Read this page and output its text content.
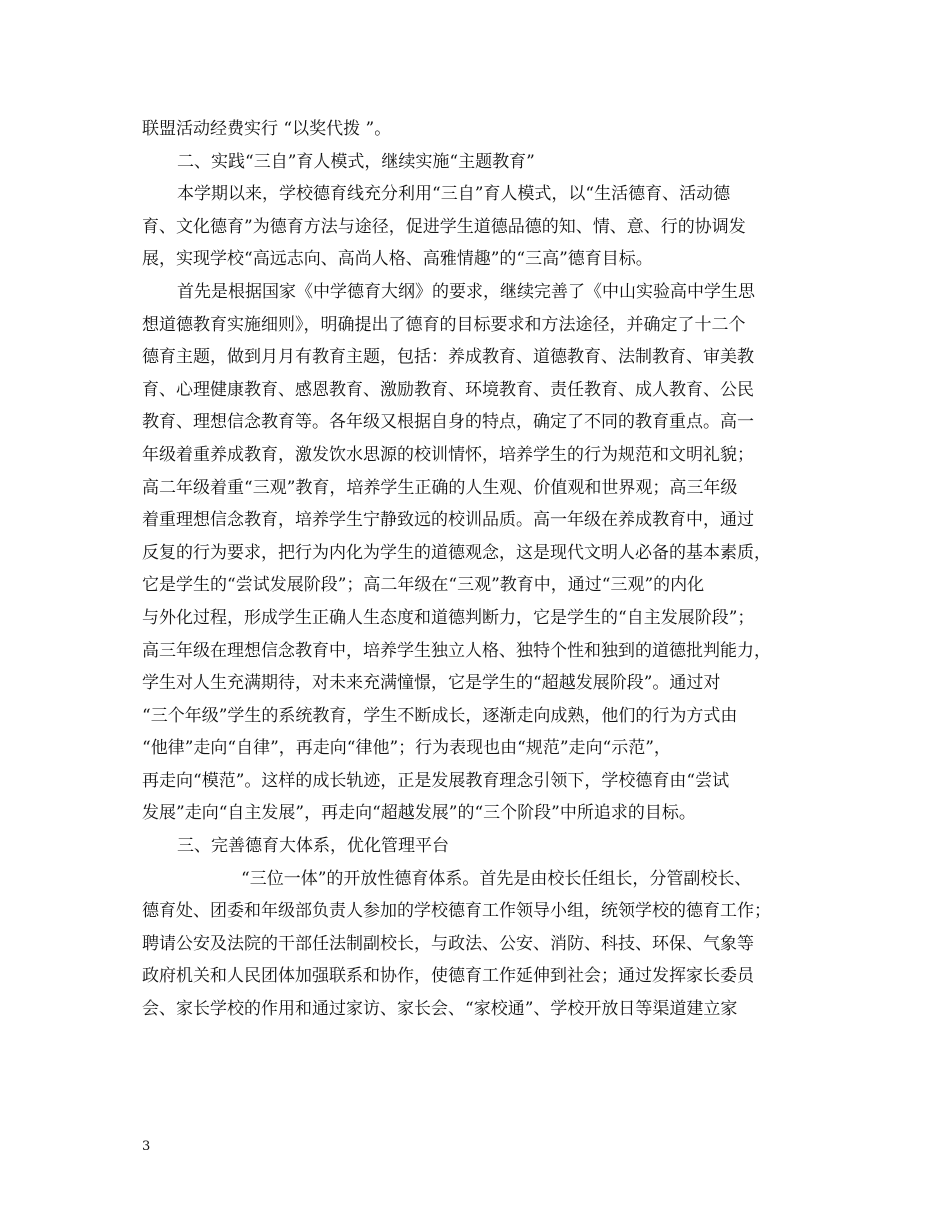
联盟活动经费实行 “以奖代拨 ”。
二、实践“三自”育人模式，继续实施“主题教育”
本学期以来，学校德育线充分利用“三自”育人模式，以“生活德育、活动德
育、文化德育”为德育方法与途径，促进学生道德品德的知、情、意、行的协调发
展，实现学校“高远志向、高尚人格、高雅情趣”的“三高”德育目标。
首先是根据国家《中学德育大纲》的要求，继续完善了《中山实验高中学生思
想道德教育实施细则》，明确提出了德育的目标要求和方法途径，并确定了十二个
德育主题，做到月月有教育主题，包括：养成教育、道德教育、法制教育、审美教
育、心理健康教育、感恩教育、激励教育、环境教育、责任教育、成人教育、公民
教育、理想信念教育等。各年级又根据自身的特点，确定了不同的教育重点。高一
年级着重养成教育，激发饮水思源的校训情怀，培养学生的行为规范和文明礼貌；
高二年级着重“三观”教育，培养学生正确的人生观、价值观和世界观；高三年级
着重理想信念教育，培养学生宁静致远的校训品质。高一年级在养成教育中，通过
反复的行为要求，把行为内化为学生的道德观念，这是现代文明人必备的基本素质，
它是学生的“尝试发展阶段”；高二年级在“三观”教育中，通过“三观”的内化
与外化过程，形成学生正确人生态度和道德判断力，它是学生的“自主发展阶段”；
高三年级在理想信念教育中，培养学生独立人格、独特个性和独到的道德批判能力，
学生对人生充满期待，对未来充满憧憬，它是学生的“超越发展阶段”。通过对
“三个年级”学生的系统教育，学生不断成长，逐渐走向成熟，他们的行为方式由
“他律”走向“自律”，再走向“律他”；行为表现也由“规范”走向“示范”，
再走向“模范”。这样的成长轨迹，正是发展教育理念引领下，学校德育由“尝试
发展”走向“自主发展”，再走向“超越发展”的“三个阶段”中所追求的目标。
三、完善德育大体系，优化管理平台
“三位一体”的开放性德育体系。首先是由校长任组长，分管副校长、
德育处、团委和年级部负责人参加的学校德育工作领导小组，统领学校的德育工作；
聘请公安及法院的干部任法制副校长，与政法、公安、消防、科技、环保、气象等
政府机关和人民团体加强联系和协作，使德育工作延伸到社会；通过发挥家长委员
会、家长学校的作用和通过家访、家长会、“家校通”、学校开放日等渠道建立家
3
